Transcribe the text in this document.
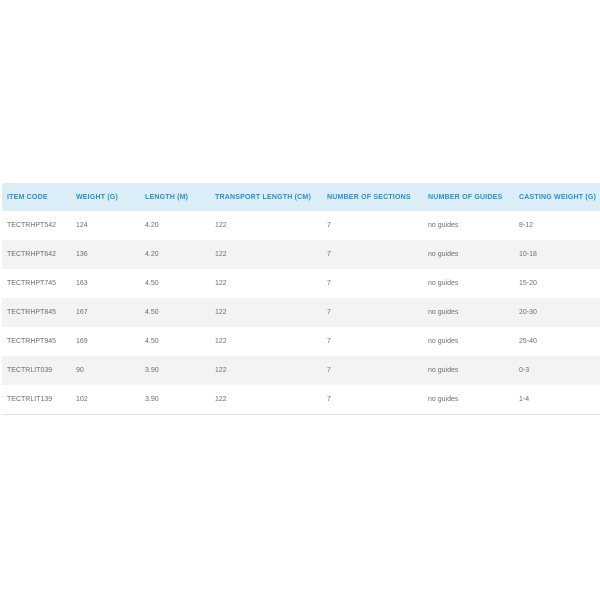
ITEM CODE	WEIGHT (G)	LENGTH (M)	TRANSPORT LENGTH (CM)	NUMBER OF SECTIONS	NUMBER OF GUIDES	CASTING WEIGHT (G)
TECTRHPT542	124	4.20	122	7	no guides	8-12
TECTRHPT642	136	4.20	122	7	no guides	10-18
TECTRHPT745	163	4.50	122	7	no guides	15-20
TECTRHPT845	167	4.50	122	7	no guides	20-30
TECTRHPT945	169	4.50	122	7	no guides	25-40
TECTRLIT039	90	3.90	122	7	no guides	0-3
TECTRLIT139	102	3.90	122	7	no guides	1-4
